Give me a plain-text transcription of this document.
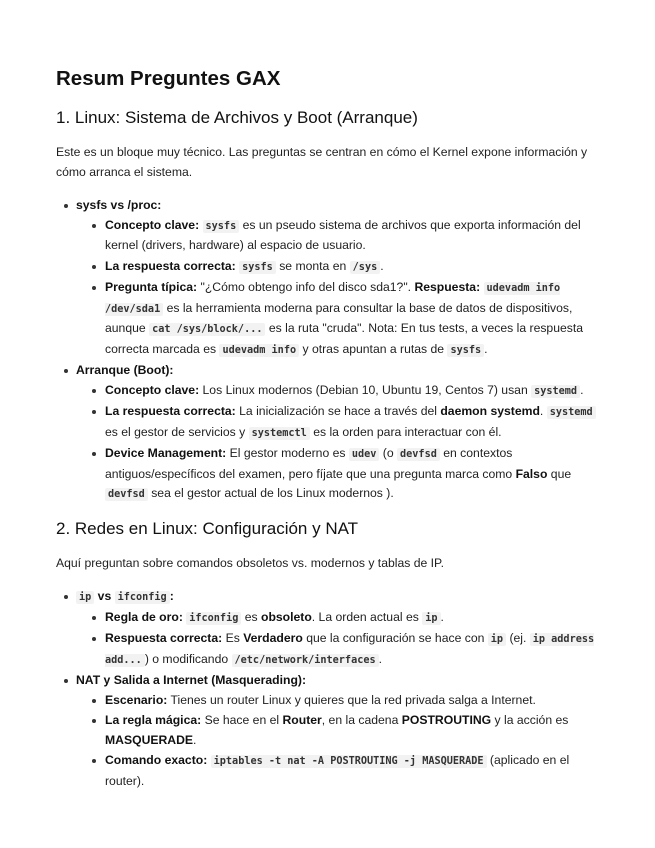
Resum Preguntes GAX
1. Linux: Sistema de Archivos y Boot (Arranque)

Este es un bloque muy técnico. Las preguntas se centran en cómo el Kernel expone información y cómo arranca el sistema.

sysfs vs /proc:
Concepto clave: sysfs es un pseudo sistema de archivos que exporta información del kernel (drivers, hardware) al espacio de usuario.
La respuesta correcta: sysfs se monta en /sys .
Pregunta típica: "¿Cómo obtengo info del disco sda1?". Respuesta: udevadm info /dev/sda1 es la herramienta moderna para consultar la base de datos de dispositivos, aunque cat /sys/block/... es la ruta "cruda". Nota: En tus tests, a veces la respuesta correcta marcada es udevadm info y otras apuntan a rutas de sysfs .
Arranque (Boot):
Concepto clave: Los Linux modernos (Debian 10, Ubuntu 19, Centos 7) usan systemd .
La respuesta correcta: La inicialización se hace a través del daemon systemd. systemd es el gestor de servicios y systemctl es la orden para interactuar con él.
Device Management: El gestor moderno es udev (o devfsd en contextos antiguos/específicos del examen, pero fíjate que una pregunta marca como Falso que devfsd sea el gestor actual de los Linux modernos ).
2. Redes en Linux: Configuración y NAT

Aquí preguntan sobre comandos obsoletos vs. modernos y tablas de IP.

ip vs ifconfig :
Regla de oro: ifconfig es obsoleto. La orden actual es ip .
Respuesta correcta: Es Verdadero que la configuración se hace con ip (ej. ip address add... ) o modificando /etc/network/interfaces .
NAT y Salida a Internet (Masquerading):
Escenario: Tienes un router Linux y quieres que la red privada salga a Internet.
La regla mágica: Se hace en el Router, en la cadena POSTROUTING y la acción es MASQUERADE.
Comando exacto: iptables -t nat -A POSTROUTING -j MASQUERADE (aplicado en el router).
